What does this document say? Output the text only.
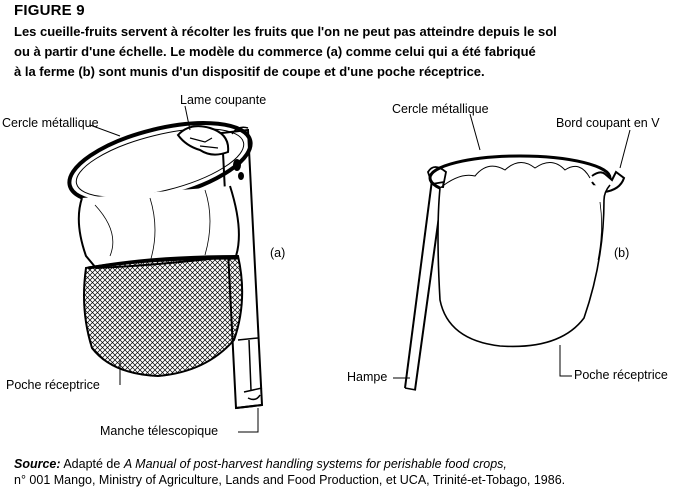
FIGURE 9
Les cueille-fruits servent à récolter les fruits que l'on ne peut pas atteindre depuis le sol
ou à partir d'une échelle. Le modèle du commerce (a) comme celui qui a été fabriqué
à la ferme (b) sont munis d'un dispositif de coupe et d'une poche réceptrice.
Lame coupante
Cercle métallique
(a)
Poche réceptrice
Manche télescopique
Cercle métallique
Bord coupant en V
(b)
Hampe	Poche réceptrice
Source: Adapté de A Manual of post-harvest handling systems for perishable food crops,
n° 001 Mango, Ministry of Agriculture, Lands and Food Production, et UCA, Trinité-et-Tobago, 1986.
